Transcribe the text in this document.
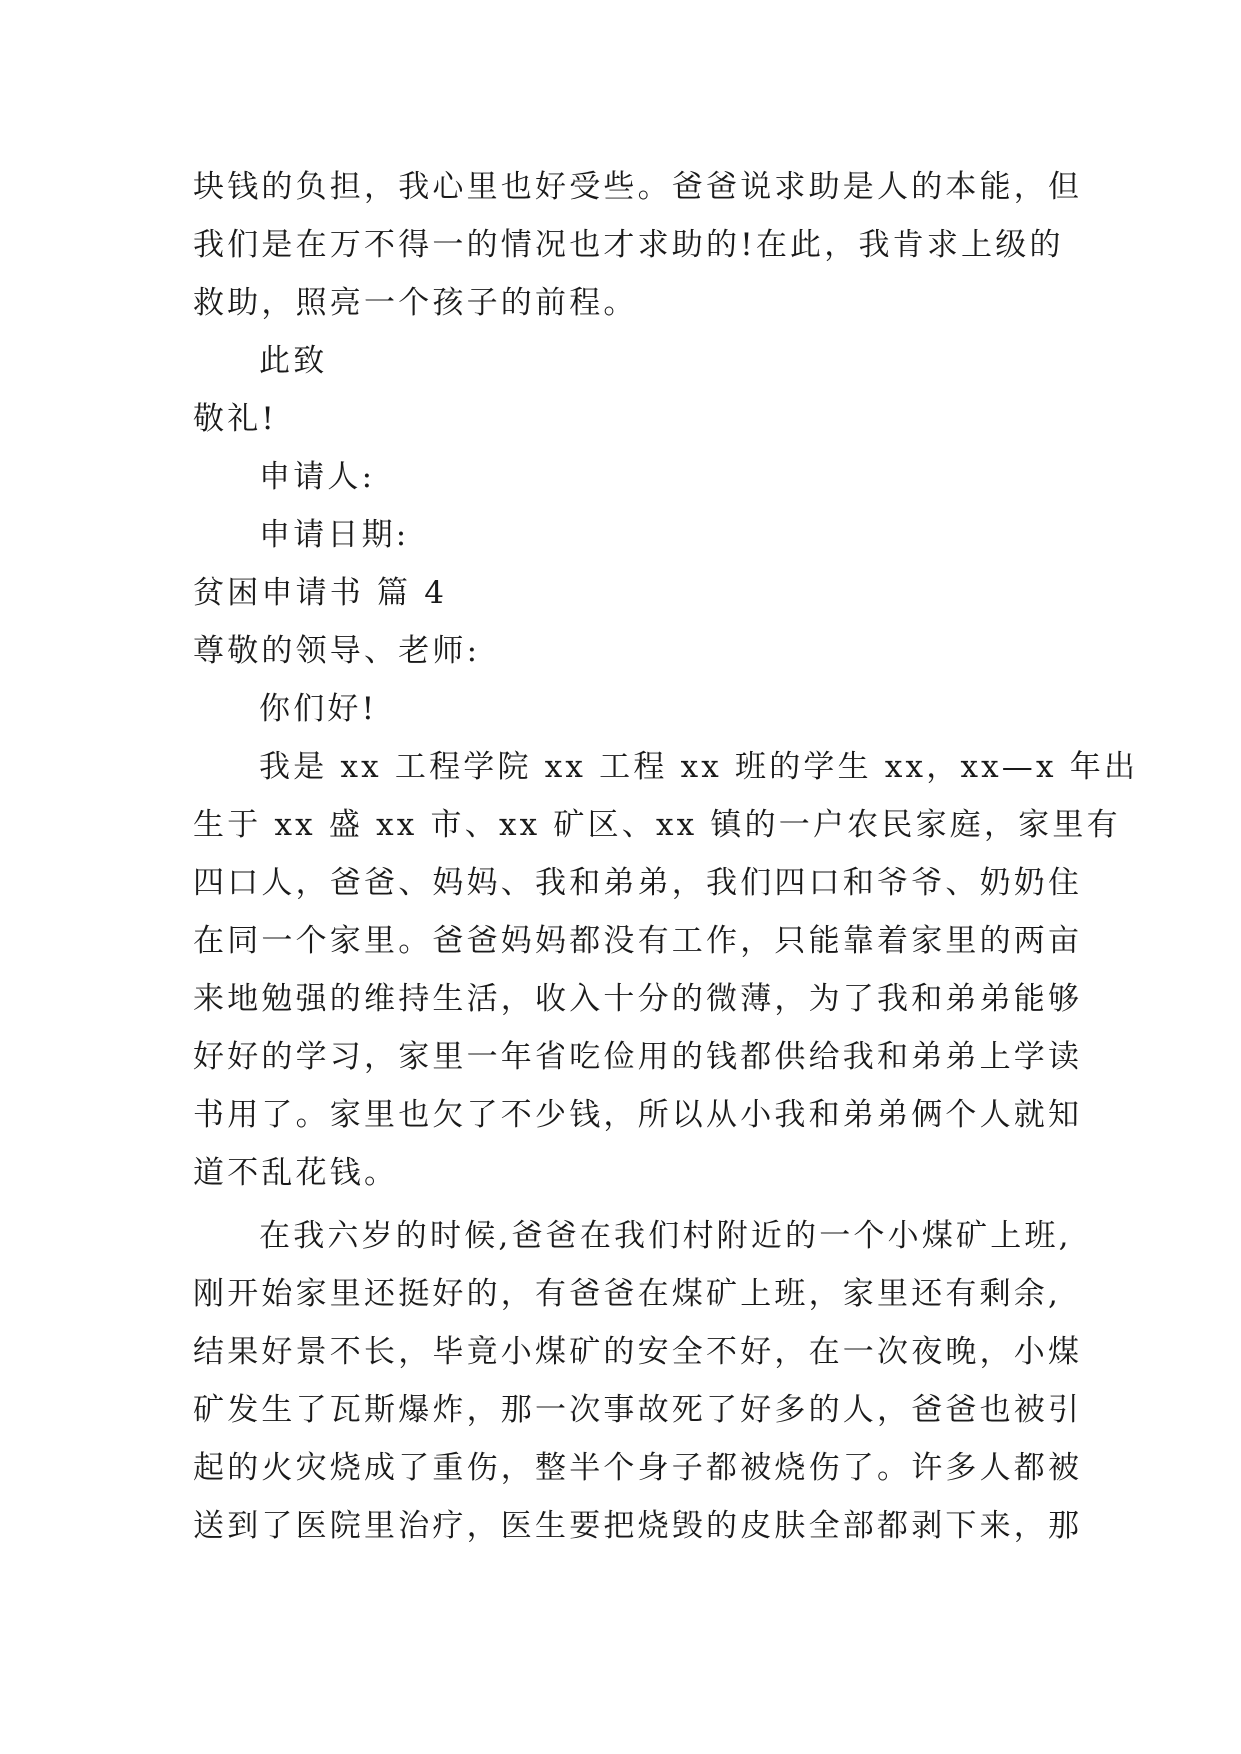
块钱的负担，我心里也好受些。爸爸说求助是人的本能，但
我们是在万不得一的情况也才求助的!在此，我肯求上级的
救助，照亮一个孩子的前程。
此致
敬礼!
申请人:
申请日期:
贫困申请书 篇 4
尊敬的领导、老师:
你们好!
我是 xx 工程学院 xx 工程 xx 班的学生 xx，xx—x 年出
生于 xx 盛 xx 市、xx 矿区、xx 镇的一户农民家庭，家里有
四口人，爸爸、妈妈、我和弟弟，我们四口和爷爷、奶奶住
在同一个家里。爸爸妈妈都没有工作，只能靠着家里的两亩
来地勉强的维持生活，收入十分的微薄，为了我和弟弟能够
好好的学习，家里一年省吃俭用的钱都供给我和弟弟上学读
书用了。家里也欠了不少钱，所以从小我和弟弟俩个人就知
道不乱花钱。
在我六岁的时候,爸爸在我们村附近的一个小煤矿上班,
刚开始家里还挺好的，有爸爸在煤矿上班，家里还有剩余,
结果好景不长，毕竟小煤矿的安全不好，在一次夜晚，小煤
矿发生了瓦斯爆炸，那一次事故死了好多的人，爸爸也被引
起的火灾烧成了重伤，整半个身子都被烧伤了。许多人都被
送到了医院里治疗，医生要把烧毁的皮肤全部都剥下来，那
